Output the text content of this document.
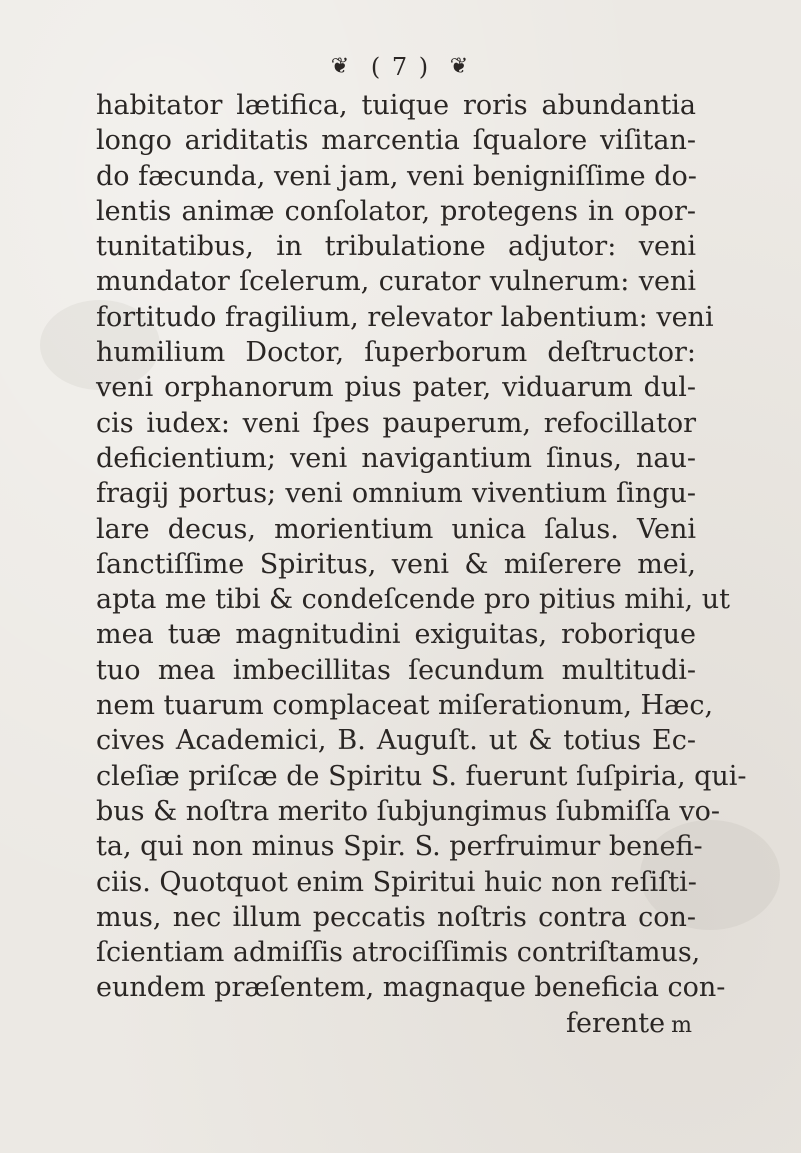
❦ ( 7 ) ❦
habitator lætifica, tuique roris abundantia
longo ariditatis marcentia ſqualore viſitan-
do fæcunda, veni jam, veni benigniſſime do-
lentis animæ conſolator, protegens in opor-
tunitatibus, in tribulatione adjutor: veni
mundator ſcelerum, curator vulnerum: veni
fortitudo fragilium, relevator labentium: veni
humilium Doctor, ſuperborum deſtructor:
veni orphanorum pius pater, viduarum dul-
cis iudex: veni ſpes pauperum, refocillator
deficientium; veni navigantium ſinus, nau-
fragij portus; veni omnium viventium ſingu-
lare decus, morientium unica ſalus. Veni
ſanctiſſime Spiritus, veni & miſerere mei,
apta me tibi & condeſcende pro pitius mihi, ut
mea tuæ magnitudini exiguitas, roborique
tuo mea imbecillitas ſecundum multitudi-
nem tuarum complaceat miſerationum, Hæc,
cives Academici, B. Auguſt. ut & totius Ec-
cleſiæ priſcæ de Spiritu S. fuerunt ſuſpiria, qui-
bus & noſtra merito ſubjungimus ſubmiſſa vo-
ta, qui non minus Spir. S. perfruimur benefi-
ciis. Quotquot enim Spiritui huic non reſiſti-
mus, nec illum peccatis noſtris contra con-
ſcientiam admiſſis atrociſſimis contriſtamus,
eundem præſentem, magnaque beneficia con-
ferente m
